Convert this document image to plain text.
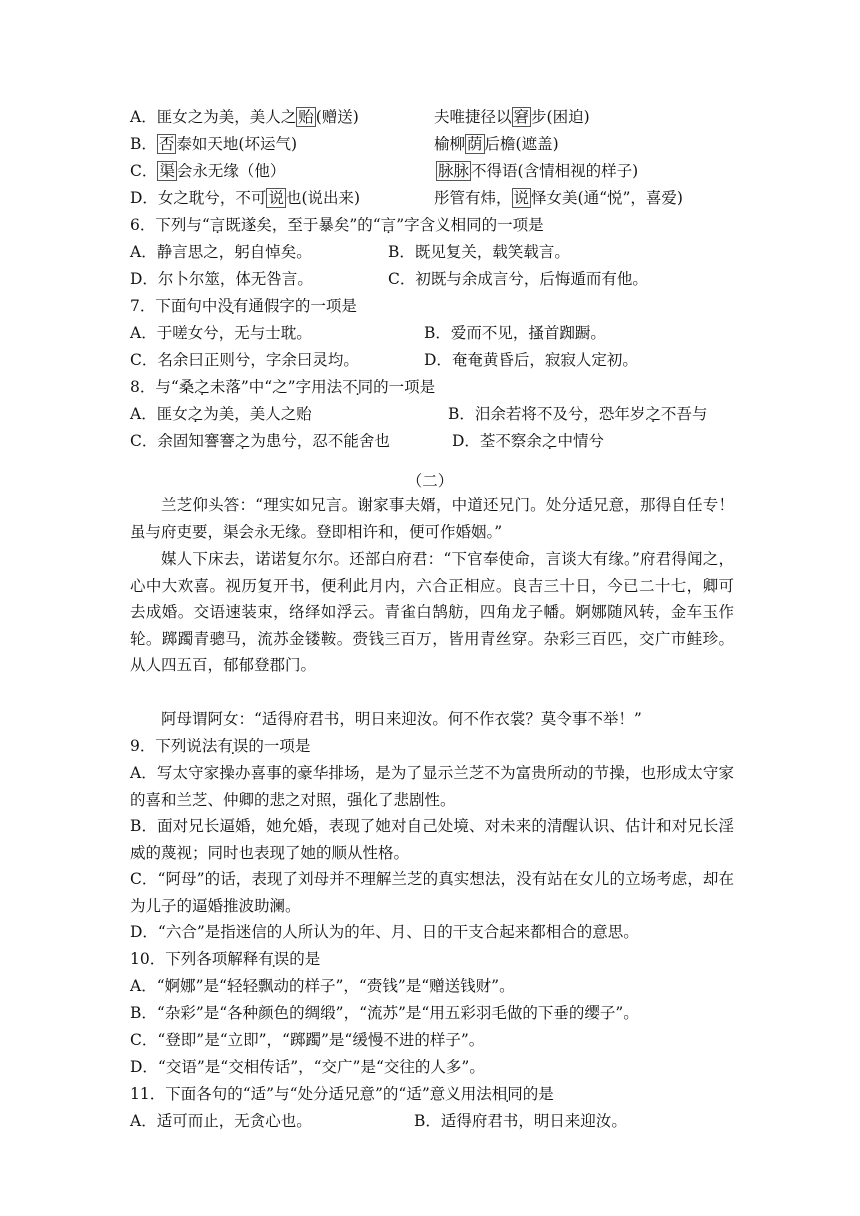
A．匪女之为美，美人之 贻 (赠送)	夫唯捷径以 窘 步(困迫)
B． 否 泰如天地(坏运气)	榆柳 荫 后檐(遮盖)
C． 渠 会永无缘（他）	脉脉 不得语(含情相视的样子)
D．女之耽兮，不可 说 也(说出来)	彤管有炜， 说 怿女美(通“悦”，喜爱)
6．下列与“言既遂矣，至于暴矣”的“言”字含义相同的一项是
A．静言思之，躬自悼矣。	B．既见复关，载笑载言。
D．尔卜尔筮，体无咎言。	C．初既与余成言兮，后悔遁而有他。
7．下面句中没有通假字的一项是
A．于嗟女兮，无与士耽。	B．爱而不见，搔首踟蹰。
C．名余曰正则兮，字余曰灵均。	D．奄奄黄昏后，寂寂人定初。
8．与“桑之未落”中“之”字用法不同的一项是
A．匪女之为美，美人之贻	B．汨余若将不及兮，恐年岁之不吾与
C．余固知謇謇之为患兮，忍不能舍也	D．荃不察余之中情兮
（二）
兰芝仰头答：“理实如兄言。谢家事夫婿，中道还兄门。处分适兄意，那得自任专！虽与府吏要，渠会永无缘。登即相许和，便可作婚姻。”
媒人下床去，诺诺复尔尔。还部白府君：“下官奉使命，言谈大有缘。”府君得闻之，心中大欢喜。视历复开书，便利此月内，六合正相应。良吉三十日，今已二十七，卿可去成婚。交语速装束，络绎如浮云。青雀白鹄舫，四角龙子幡。婀娜随风转，金车玉作轮。踯躅青骢马，流苏金镂鞍。赍钱三百万，皆用青丝穿。杂彩三百匹，交广市鲑珍。从人四五百，郁郁登郡门。
阿母谓阿女：“适得府君书，明日来迎汝。何不作衣裳？莫令事不举！”
9．下列说法有误的一项是
A．写太守家操办喜事的豪华排场，是为了显示兰芝不为富贵所动的节操，也形成太守家的喜和兰芝、仲卿的悲之对照，强化了悲剧性。
B．面对兄长逼婚，她允婚，表现了她对自己处境、对未来的清醒认识、估计和对兄长淫威的蔑视；同时也表现了她的顺从性格。
C．“阿母”的话，表现了刘母并不理解兰芝的真实想法，没有站在女儿的立场考虑，却在为儿子的逼婚推波助澜。
D．“六合”是指迷信的人所认为的年、月、日的干支合起来都相合的意思。
10．下列各项解释有误的是
A．“婀娜”是“轻轻飘动的样子”，“赍钱”是“赠送钱财”。
B．“杂彩”是“各种颜色的绸缎”，“流苏”是“用五彩羽毛做的下垂的缨子”。
C．“登即”是“立即”，“踯躅”是“缓慢不进的样子”。
D．“交语”是“交相传话”，“交广”是“交往的人多”。
11．下面各句的“适”与“处分适兄意”的“适”意义用法相同的是
A．适可而止，无贪心也。	B．适得府君书，明日来迎汝。
